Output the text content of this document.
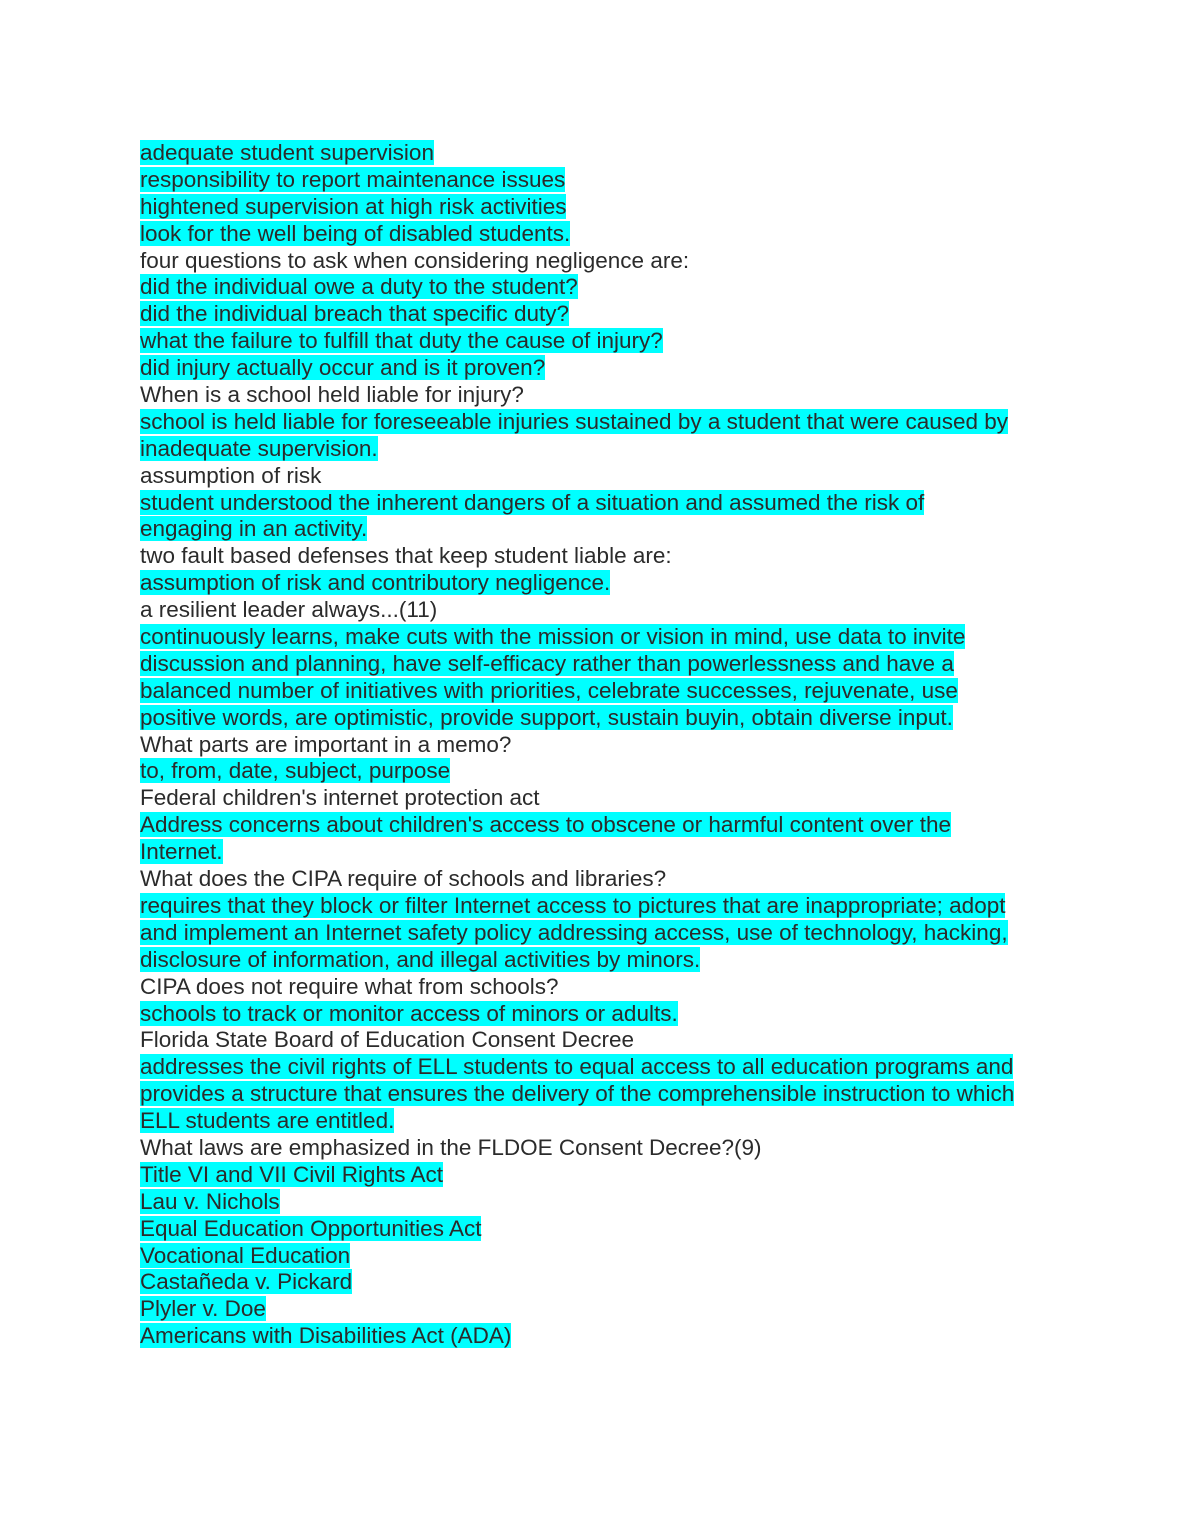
adequate student supervision
responsibility to report maintenance issues
hightened supervision at high risk activities
look for the well being of disabled students.
four questions to ask when considering negligence are:
did the individual owe a duty to the student?
did the individual breach that specific duty?
what the failure to fulfill that duty the cause of injury?
did injury actually occur and is it proven?
When is a school held liable for injury?
school is held liable for foreseeable injuries sustained by a student that were caused by
inadequate supervision.
assumption of risk
student understood the inherent dangers of a situation and assumed the risk of
engaging in an activity.
two fault based defenses that keep student liable are:
assumption of risk and contributory negligence.
a resilient leader always...(11)
continuously learns, make cuts with the mission or vision in mind, use data to invite
discussion and planning, have self-efficacy rather than powerlessness and have a
balanced number of initiatives with priorities, celebrate successes, rejuvenate, use
positive words, are optimistic, provide support, sustain buyin, obtain diverse input.
What parts are important in a memo?
to, from, date, subject, purpose
Federal children's internet protection act
Address concerns about children's access to obscene or harmful content over the
Internet.
What does the CIPA require of schools and libraries?
requires that they block or filter Internet access to pictures that are inappropriate; adopt
and implement an Internet safety policy addressing access, use of technology, hacking,
disclosure of information, and illegal activities by minors.
CIPA does not require what from schools?
schools to track or monitor access of minors or adults.
Florida State Board of Education Consent Decree
addresses the civil rights of ELL students to equal access to all education programs and
provides a structure that ensures the delivery of the comprehensible instruction to which
ELL students are entitled.
What laws are emphasized in the FLDOE Consent Decree?(9)
Title VI and VII Civil Rights Act
Lau v. Nichols
Equal Education Opportunities Act
Vocational Education
Castañeda v. Pickard
Plyler v. Doe
Americans with Disabilities Act (ADA)
